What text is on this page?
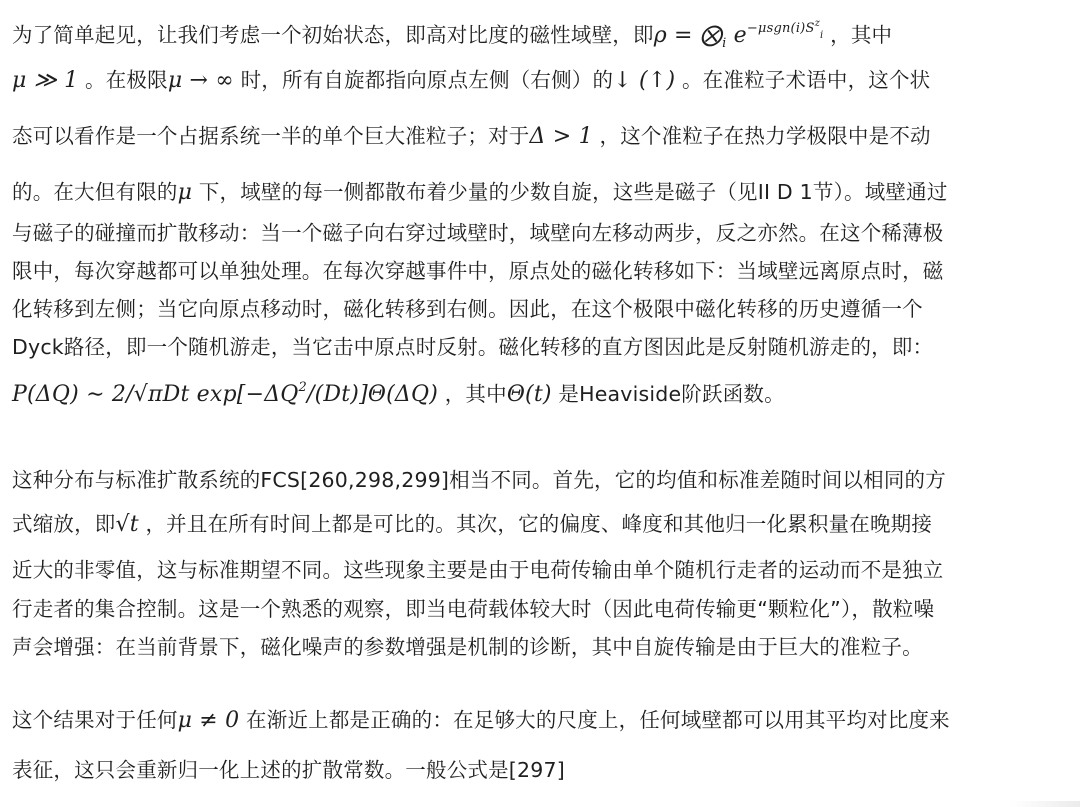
为了简单起见，让我们考虑一个初始状态，即高对比度的磁性域壁，即$\rho = ⨂_i$ $e^{-\mu sgn(i)Szi}$ ，其中
μ ≫ 1 。在极限μ → ∞ 时，所有自旋都指向原点左侧（右侧）的↓ (↑) 。在准粒子术语中，这个状
态可以看作是一个占据系统一半的单个巨大准粒子；对于Δ > 1 ，这个准粒子在热力学极限中是不动
的。在大但有限的μ 下，域壁的每一侧都散布着少量的少数自旋，这些是磁子（见II D 1节）。域壁通过
与磁子的碰撞而扩散移动：当一个磁子向右穿过域壁时，域壁向左移动两步，反之亦然。在这个稀薄极
限中，每次穿越都可以单独处理。在每次穿越事件中，原点处的磁化转移如下：当域壁远离原点时，磁
化转移到左侧；当它向原点移动时，磁化转移到右侧。因此，在这个极限中磁化转移的历史遵循一个
Dyck路径，即一个随机游走，当它击中原点时反射。磁化转移的直方图因此是反射随机游走的，即：
P(ΔQ) ∼ 2/√πDt $\exp[-\Delta Q^2/(Dt)]\Theta(\Delta Q)$ ，其中Θ(t) 是Heaviside阶跃函数。
这种分布与标准扩散系统的FCS[260,298,299]相当不同。首先，它的均值和标准差随时间以相同的方
式缩放，即√t ，并且在所有时间上都是可比的。其次，它的偏度、峰度和其他归一化累积量在晚期接
近大的非零值，这与标准期望不同。这些现象主要是由于电荷传输由单个随机行走者的运动而不是独立
行走者的集合控制。这是一个熟悉的观察，即当电荷载体较大时（因此电荷传输更“颗粒化”），散粒噪
声会增强：在当前背景下，磁化噪声的参数增强是机制的诊断，其中自旋传输是由于巨大的准粒子。
这个结果对于任何μ ≠ 0 在渐近上都是正确的：在足够大的尺度上，任何域壁都可以用其平均对比度来
表征，这只会重新归一化上述的扩散常数。一般公式是[297]
